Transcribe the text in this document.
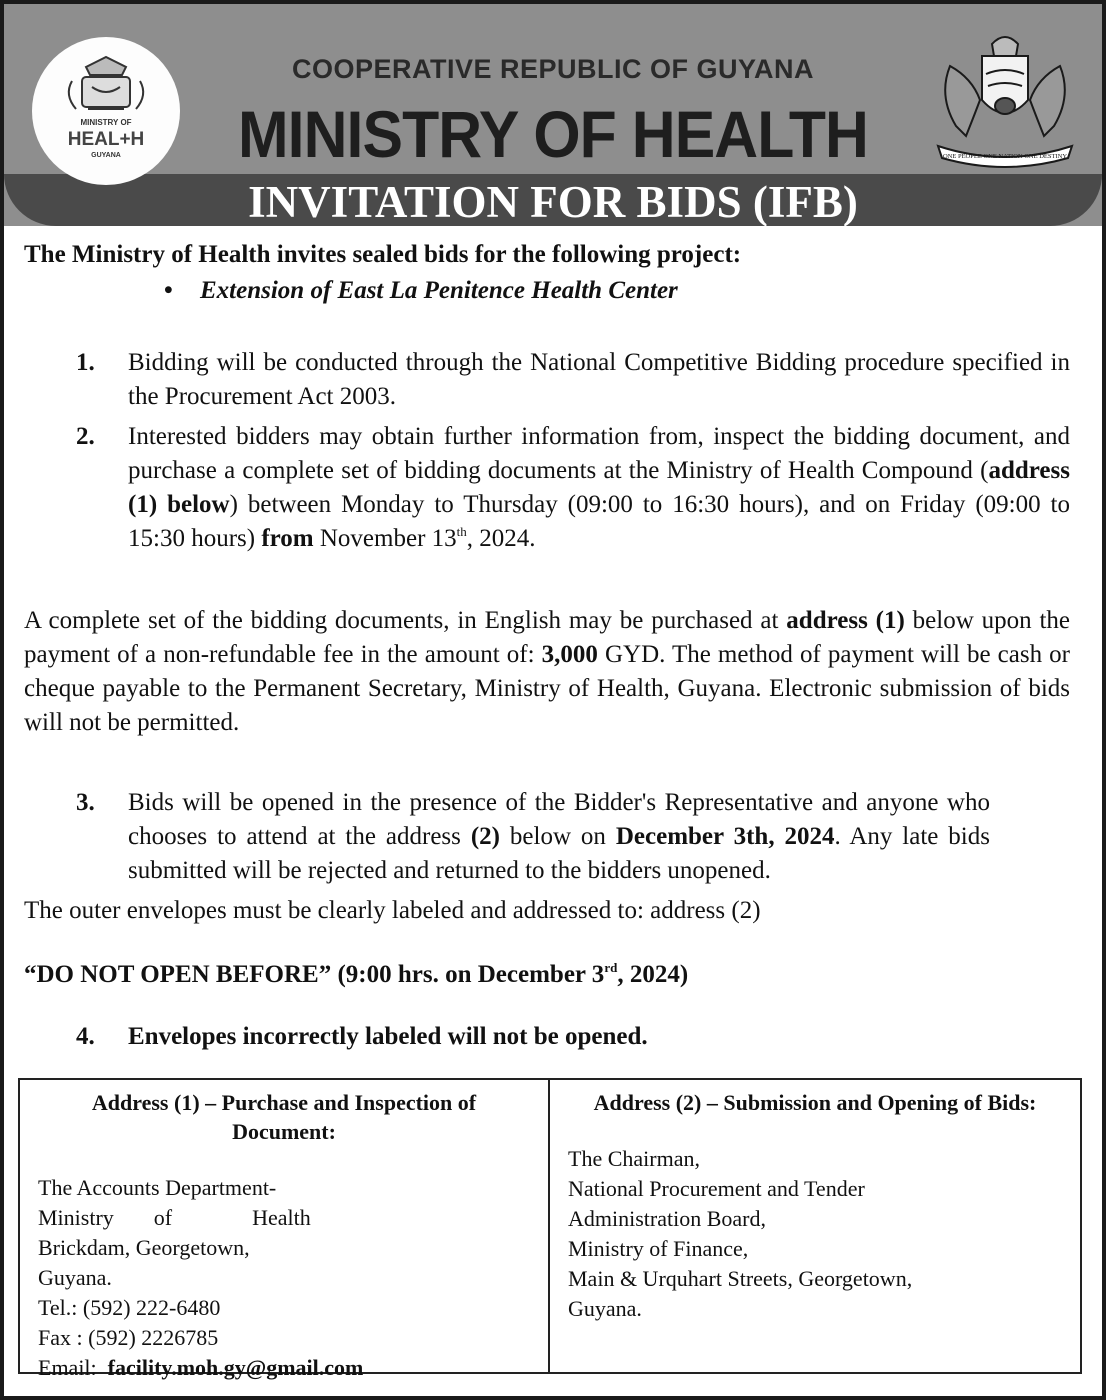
MINISTRY OF
HEAL+H
GUYANA
COOPERATIVE REPUBLIC OF GUYANA
MINISTRY OF HEALTH
INVITATION FOR BIDS (IFB)
ONE PEOPLE ONE NATION ONE DESTINY
The Ministry of Health invites sealed bids for the following project:
• Extension of East La Penitence Health Center
1. Bidding will be conducted through the National Competitive Bidding procedure specified in the Procurement Act 2003.
2. Interested bidders may obtain further information from, inspect the bidding document, and purchase a complete set of bidding documents at the Ministry of Health Compound (address (1) below) between Monday to Thursday (09:00 to 16:30 hours), and on Friday (09:00 to 15:30 hours) from November 13th, 2024.
A complete set of the bidding documents, in English may be purchased at address (1) below upon the payment of a non-refundable fee in the amount of: 3,000 GYD. The method of payment will be cash or cheque payable to the Permanent Secretary, Ministry of Health, Guyana. Electronic submission of bids will not be permitted.
3. Bids will be opened in the presence of the Bidder's Representative and anyone who chooses to attend at the address (2) below on December 3th, 2024. Any late bids submitted will be rejected and returned to the bidders unopened.
The outer envelopes must be clearly labeled and addressed to: address (2)
“DO NOT OPEN BEFORE” (9:00 hrs. on December 3rd, 2024)
4. Envelopes incorrectly labeled will not be opened.
Address (1) – Purchase and Inspection of Document:
The Accounts Department-
Ministry of	Health
Brickdam, Georgetown,
Guyana.
Tel.: (592) 222-6480
Fax : (592) 2226785
Email: facility.moh.gy@gmail.com
Address (2) – Submission and Opening of Bids:
The Chairman,
National Procurement and Tender
Administration Board,
Ministry of Finance,
Main & Urquhart Streets, Georgetown,
Guyana.
